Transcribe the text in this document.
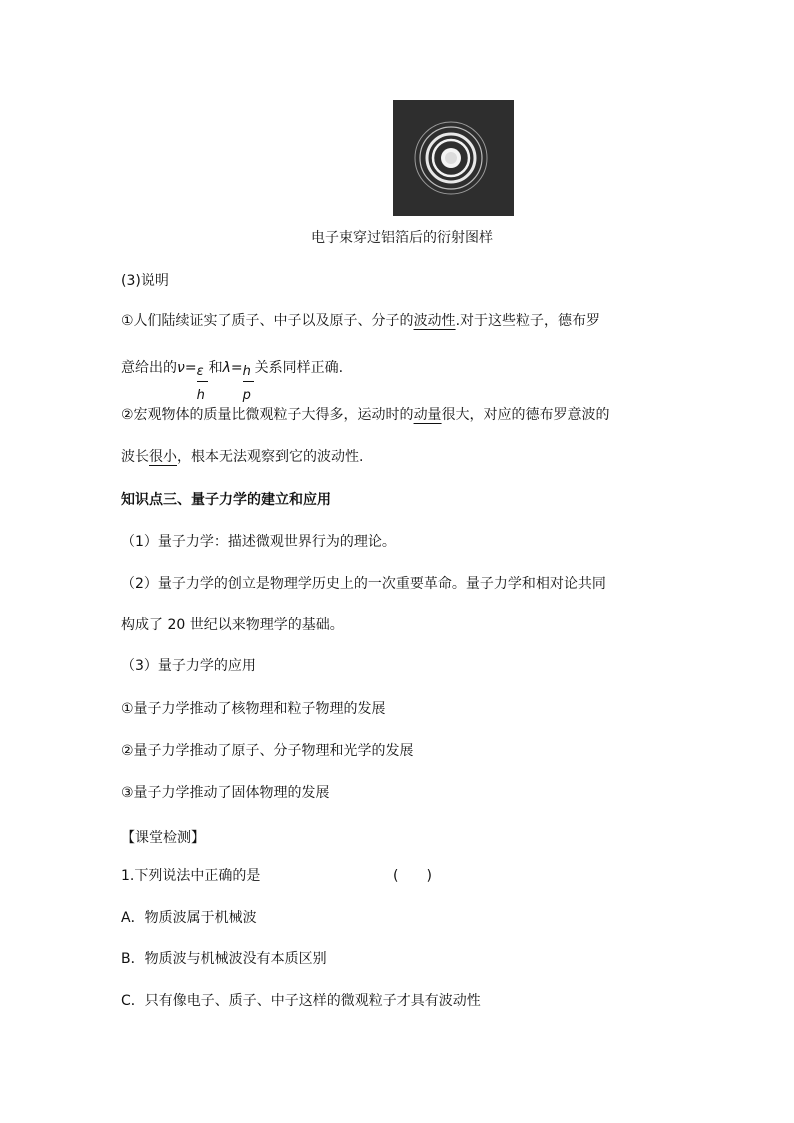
电子束穿过铝箔后的衍射图样
(3)说明
①人们陆续证实了质子、中子以及原子、分子的波动性.对于这些粒子，德布罗
意给出的ν=
$\frac{\varepsilon}{h}$
和λ=
$\frac{h}{p}$
关系同样正确.
②宏观物体的质量比微观粒子大得多，运动时的动量很大，对应的德布罗意波的
波长很小，根本无法观察到它的波动性.
知识点三、量子力学的建立和应用
（1）量子力学：描述微观世界行为的理论。
（2）量子力学的创立是物理学历史上的一次重要革命。量子力学和相对论共同
构成了 20 世纪以来物理学的基础。
（3）量子力学的应用
①量子力学推动了核物理和粒子物理的发展
②量子力学推动了原子、分子物理和光学的发展
③量子力学推动了固体物理的发展
【课堂检测】
1.下列说法中正确的是	(　　)
A．物质波属于机械波
B．物质波与机械波没有本质区别
C．只有像电子、质子、中子这样的微观粒子才具有波动性
